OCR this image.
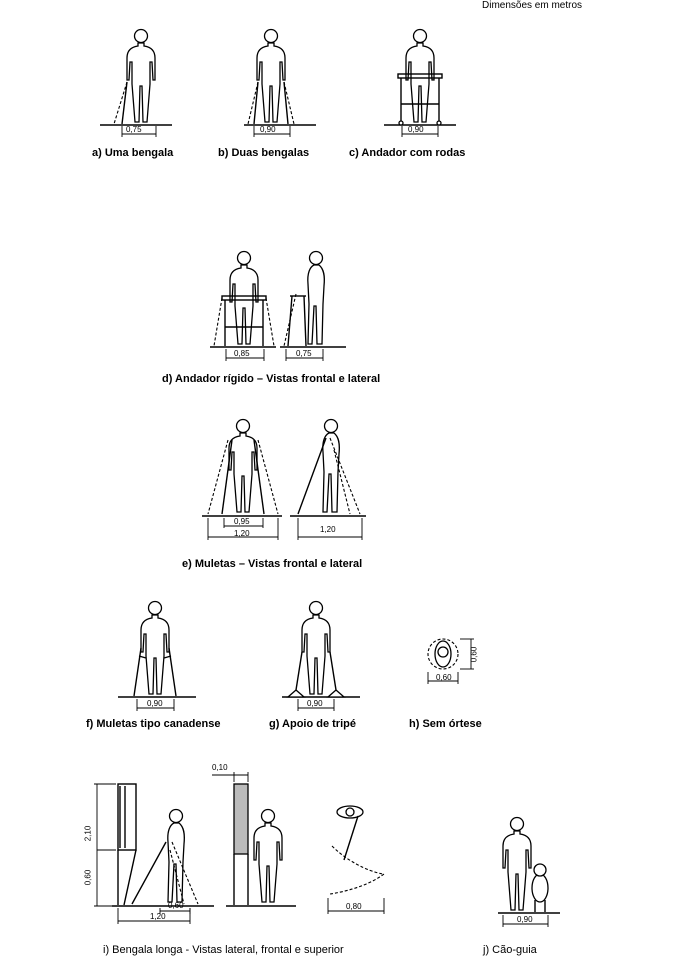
Dimensões em metros
a) Uma bengala	b) Duas bengalas	c) Andador com rodas
d) Andador rígido – Vistas frontal e lateral
e) Muletas – Vistas frontal e lateral
f) Muletas tipo canadense	g) Apoio de tripé	h) Sem órtese
i) Bengala longa - Vistas lateral, frontal e superior	j) Cão-guia
0,75	0,90	0,90
0,85	0,75
0,95
1,20	1,20
0,90	0,90
0,60
0,60
2,10
0,60
0,60
1,20
0,10
0,80
0,90
